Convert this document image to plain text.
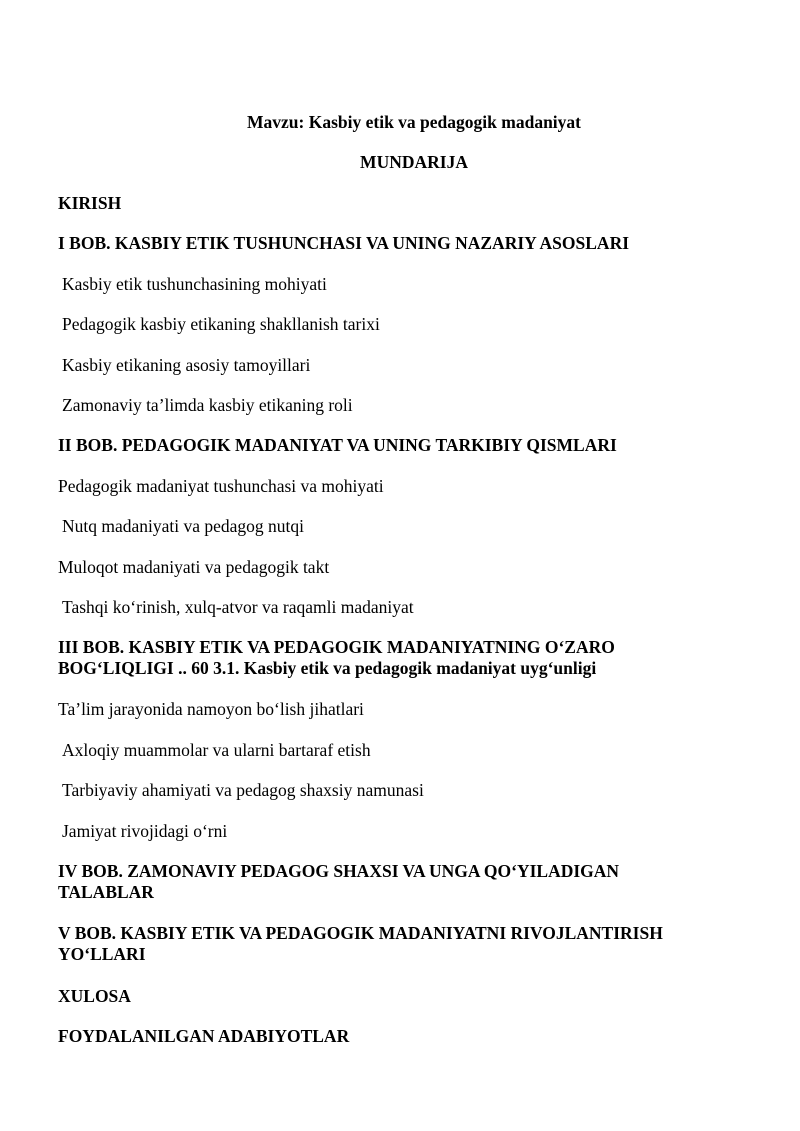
Mavzu: Kasbiy etik va pedagogik madaniyat
MUNDARIJA
KIRISH
I BOB. KASBIY ETIK TUSHUNCHASI VA UNING NAZARIY ASOSLARI
Kasbiy etik tushunchasining mohiyati
Pedagogik kasbiy etikaning shakllanish tarixi
Kasbiy etikaning asosiy tamoyillari
Zamonaviy ta’limda kasbiy etikaning roli
II BOB. PEDAGOGIK MADANIYAT VA UNING TARKIBIY QISMLARI
Pedagogik madaniyat tushunchasi va mohiyati
Nutq madaniyati va pedagog nutqi
Muloqot madaniyati va pedagogik takt
Tashqi ko‘rinish, xulq-atvor va raqamli madaniyat
III BOB. KASBIY ETIK VA PEDAGOGIK MADANIYATNING O‘ZARO BOG‘LIQLIGI .. 60 3.1. Kasbiy etik va pedagogik madaniyat uyg‘unligi
Ta’lim jarayonida namoyon bo‘lish jihatlari
Axloqiy muammolar va ularni bartaraf etish
Tarbiyaviy ahamiyati va pedagog shaxsiy namunasi
Jamiyat rivojidagi o‘rni
IV BOB. ZAMONAVIY PEDAGOG SHAXSI VA UNGA QO‘YILADIGAN TALABLAR
V BOB. KASBIY ETIK VA PEDAGOGIK MADANIYATNI RIVOJLANTIRISH YO‘LLARI
XULOSA
FOYDALANILGAN ADABIYOTLAR
